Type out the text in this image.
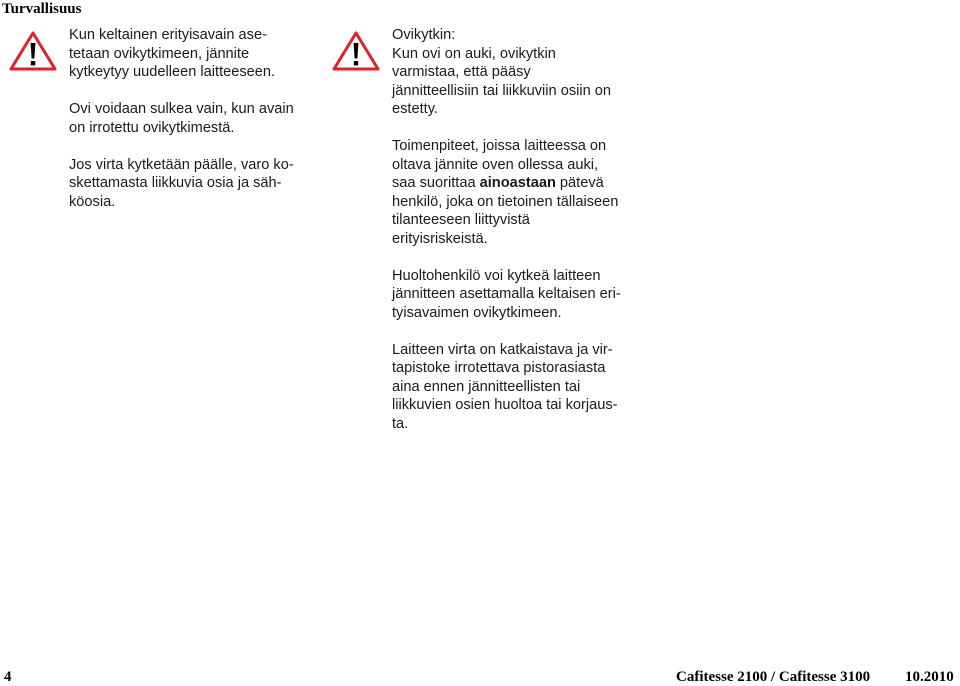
Turvallisuus

Kun keltainen erityisavain ase-
tetaan ovikytkimeen, jännite
kytkeytyy uudelleen laitteeseen.

Ovi voidaan sulkea vain, kun avain
on irrotettu ovikytkimestä.

Jos virta kytketään päälle, varo ko-
skettamasta liikkuvia osia ja säh-
köosia.

Ovikytkin:
Kun ovi on auki, ovikytkin
varmistaa, että pääsy
jännitteellisiin tai liikkuviin osiin on
estetty.

Toimenpiteet, joissa laitteessa on
oltava jännite oven ollessa auki,
saa suorittaa ainoastaan pätevä
henkilö, joka on tietoinen tällaiseen
tilanteeseen liittyvistä
erityisriskeistä.

Huoltohenkilö voi kytkeä laitteen
jännitteen asettamalla keltaisen eri-
tyisavaimen ovikytkimeen.

Laitteen virta on katkaistava ja vir-
tapistoke irrotettava pistorasiasta
aina ennen jännitteellisten tai
liikkuvien osien huoltoa tai korjaus-
ta.

4	Cafitesse 2100 / Cafitesse 3100 10.2010
